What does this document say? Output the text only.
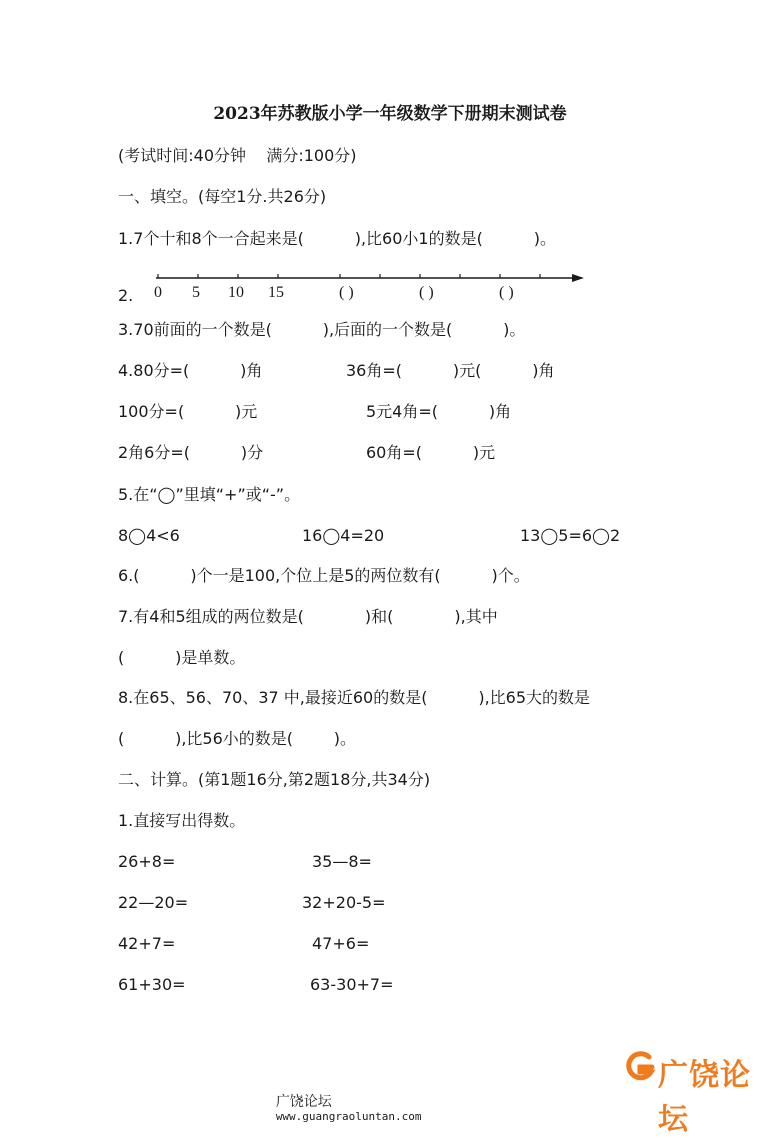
2023年苏教版小学一年级数学下册期末测试卷
(考试时间:40分钟    满分:100分)
一、填空。(每空1分.共26分)
1.7个十和8个一合起来是(          ),比60小1的数是(          )。
2. 0 5 10 15	( )	( )	( )
3.70前面的一个数是(          ),后面的一个数是(          )。
4.80分=(          )角	36角=(          )元(          )角
100分=(          )元	5元4角=(          )角
2角6分=(          )分	60角=(          )元
5.在“◯”里填“+”或“-”。
8◯4<6	16◯4=20	13◯5=6◯2
6.(          )个一是100,个位上是5的两位数有(          )个。
7.有4和5组成的两位数是(            )和(            ),其中
(          )是单数。
8.在65、56、70、37 中,最接近60的数是(          ),比65大的数是
(          ),比56小的数是(        )。
二、计算。(第1题16分,第2题18分,共34分)
1.直接写出得数。
26+8=	35—8=
22—20=	32+20-5=
42+7=	47+6=
61+30=	63-30+7=

广饶论坛
www.guangraoluntan.com

广饶论坛
